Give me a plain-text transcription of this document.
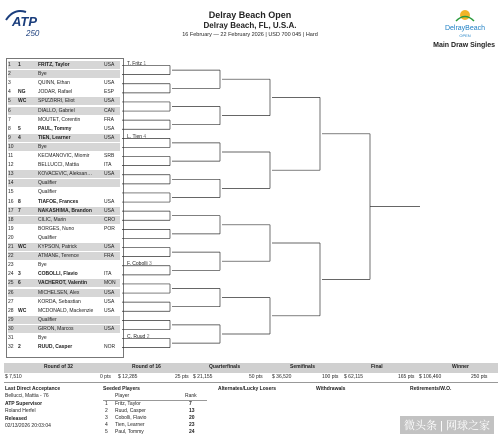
ATP
250
Delray Beach Open
Delray Beach, FL, U.S.A.
16 February — 22 February 2026 | USD 700 045 | Hard
DelrayBeach
OPEN
Main Draw Singles
1	1	FRITZ, Taylor	USA
2	Bye
3	QUINN, Ethan	USA
4	NG	JODAR, Rafael	ESP
5	WC	SPIZZIRRI, Eliot	USA
6	DIALLO, Gabriel	CAN
7	MOUTET, Corentin	FRA
8	5	PAUL, Tommy	USA
9	4	TIEN, Learner	USA
10	Bye
11	KECMANOVIC, Miomir	SRB
12	BELLUCCI, Mattia	ITA
13	KOVACEVIC, Aleksan… USA
14	Qualifier
15	Qualifier
16 8	TIAFOE, Frances	USA
17 7	NAKASHIMA, Brandon USA
18	CILIC, Marin	CRO
19	BORGES, Nuno	POR
20	Qualifier
21 WC	KYPSON, Patrick	USA
22	ATMANE, Terence	FRA
23	Bye
24 3	COBOLLI, Flavio	ITA
25 6	VACHEROT, Valentin	MON
26	MICHELSEN, Alex	USA
27	KORDA, Sebastian	USA
28 WC	MCDONALD, Mackenzie USA
29	Qualifier
30	GIRON, Marcos	USA
31	Bye
32 2	RUUD, Casper	NOR
T. Fritz 1
L. Tien 4
F. Cobolli 3
C. Ruud 2
Round of 32	Round of 16	Quarterfinals	Semifinals	Final	Winner
$ 7,510	0 pts $ 12,285	25 pts $ 21,155	50 pts $ 36,520	100 pts $ 62,115	165 pts $ 106,460	250 pts
Last Direct Acceptance
Bellucci, Mattia - 76
ATP Supervisor
Roland Herfel
Released
02/13/2026 20:03:04
Seeded Players
Player	Rank
1 Fritz, Taylor	7
2 Ruud, Casper	13
3 Cobolli, Flavio	20
4 Tien, Learner	23
5 Paul, Tommy	24
Alternates/Lucky Losers	Withdrawals	Retirements/W.O.
微头条 | 网球之家
